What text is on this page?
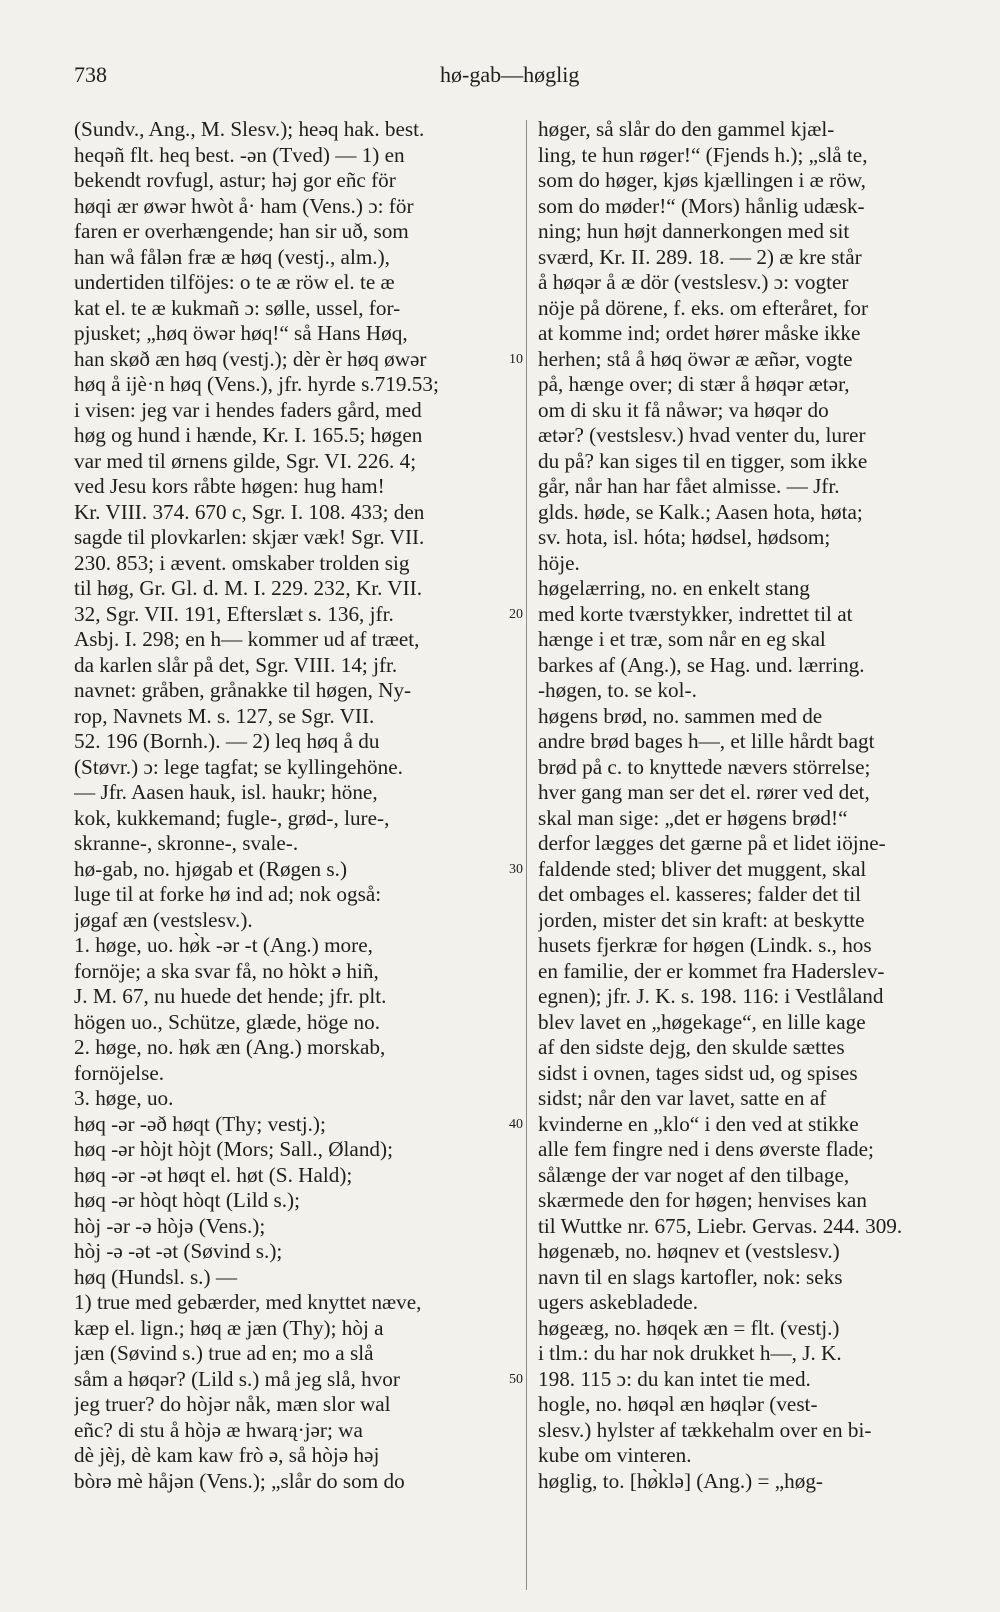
738	hø-gab—høglig
(Sundv., Ang., M. Slesv.); heəq hak. best.
heqəñ flt. heq best. -ən (Tved) — 1) en
bekendt rovfugl, astur; həj gor eñc för
høqi ær øwər hwòt å· ham (Vens.) ɔ: för
faren er overhængende; han sir uð, som
han wå fålən fræ æ høq (vestj., alm.),
undertiden tilföjes: o te æ röw el. te æ
kat el. te æ kukmañ ɔ: sølle, ussel, for-
pjusket; „høq öwər høq!“ så Hans Høq,
han skøð æn høq (vestj.); dèr èr høq øwər
høq å ijè·n høq (Vens.), jfr. hyrde s.719.53;
i visen: jeg var i hendes faders gård, med
høg og hund i hænde, Kr. I. 165.5; høgen
var med til ørnens gilde, Sgr. VI. 226. 4;
ved Jesu kors råbte høgen: hug ham!
Kr. VIII. 374. 670 c, Sgr. I. 108. 433; den
sagde til plovkarlen: skjær væk! Sgr. VII.
230. 853; i ævent. omskaber trolden sig
til høg, Gr. Gl. d. M. I. 229. 232, Kr. VII.
32, Sgr. VII. 191, Efterslæt s. 136, jfr.
Asbj. I. 298; en h— kommer ud af træet,
da karlen slår på det, Sgr. VIII. 14; jfr.
navnet: gråben, grånakke til høgen, Ny-
rop, Navnets M. s. 127, se Sgr. VII.
52. 196 (Bornh.). — 2) leq høq å du
(Støvr.) ɔ: lege tagfat; se kyllingehöne.
— Jfr. Aasen hauk, isl. haukr; höne,
kok, kukkemand; fugle-, grød-, lure-,
skranne-, skronne-, svale-.
hø-gab, no. hjøgab et (Røgen s.)
luge til at forke hø ind ad; nok også:
jøgaf æn (vestslesv.).
1. høge, uo. hø̀k -ər -t (Ang.) more,
fornöje; a ska svar få, no hòkt ə hiñ,
J. M. 67, nu huede det hende; jfr. plt.
högen uo., Schütze, glæde, höge no.
2. høge, no. høk æn (Ang.) morskab,
fornöjelse.
3. høge, uo.
høq -ər -əð høqt (Thy; vestj.);
høq -ər hòjt hòjt (Mors; Sall., Øland);
høq -ər -ət høqt el. høt (S. Hald);
høq -ər hòqt hòqt (Lild s.);
hòj -ər -ə hòjə (Vens.);
hòj -ə -ət -ət (Søvind s.);
høq (Hundsl. s.) —
1) true med gebærder, med knyttet næve,
kæp el. lign.; høq æ jæn (Thy); hòj a
jæn (Søvind s.) true ad en; mo a slå
såm a høqər? (Lild s.) må jeg slå, hvor
jeg truer? do hòjər nåk, mæn slor wal
eñc? di stu å hòjə æ hwarą·jər; wa
dè jèj, dè kam kaw frò ə, så hòjə həj
bòrə mè håjən (Vens.); „slår do som do
10
20
30
40
50
høger, så slår do den gammel kjæl-
ling, te hun røger!“ (Fjends h.); „slå te,
som do høger, kjøs kjællingen i æ röw,
som do møder!“ (Mors) hånlig udæsk-
ning; hun højt dannerkongen med sit
sværd, Kr. II. 289. 18. — 2) æ kre står
å høqər å æ dör (vestslesv.) ɔ: vogter
nöje på dörene, f. eks. om efteråret, for
at komme ind; ordet hører måske ikke
herhen; stå å høq öwər æ æñər, vogte
på, hænge over; di stær å høqər ætər,
om di sku it få nåwər; va høqər do
ætər? (vestslesv.) hvad venter du, lurer
du på? kan siges til en tigger, som ikke
går, når han har fået almisse. — Jfr.
glds. høde, se Kalk.; Aasen hota, høta;
sv. hota, isl. hóta; hødsel, hødsom;
höje.
høgelærring, no. en enkelt stang
med korte tværstykker, indrettet til at
hænge i et træ, som når en eg skal
barkes af (Ang.), se Hag. und. lærring.
-høgen, to. se kol-.
høgens brød, no. sammen med de
andre brød bages h—, et lille hårdt bagt
brød på c. to knyttede nævers störrelse;
hver gang man ser det el. rører ved det,
skal man sige: „det er høgens brød!“
derfor lægges det gærne på et lidet iöjne-
faldende sted; bliver det muggent, skal
det ombages el. kasseres; falder det til
jorden, mister det sin kraft: at beskytte
husets fjerkræ for høgen (Lindk. s., hos
en familie, der er kommet fra Haderslev-
egnen); jfr. J. K. s. 198. 116: i Vestlåland
blev lavet en „høgekage“, en lille kage
af den sidste dejg, den skulde sættes
sidst i ovnen, tages sidst ud, og spises
sidst; når den var lavet, satte en af
kvinderne en „klo“ i den ved at stikke
alle fem fingre ned i dens øverste flade;
sålænge der var noget af den tilbage,
skærmede den for høgen; henvises kan
til Wuttke nr. 675, Liebr. Gervas. 244. 309.
høgenæb, no. høqnev et (vestslesv.)
navn til en slags kartofler, nok: seks
ugers askebladede.
høgeæg, no. høqek æn = flt. (vestj.)
i tlm.: du har nok drukket h—, J. K.
198. 115 ɔ: du kan intet tie med.
hogle, no. høqəl æn høqlər (vest-
slesv.) hylster af tækkehalm over en bi-
kube om vinteren.
høglig, to. [hø̀klə] (Ang.) = „høg-
